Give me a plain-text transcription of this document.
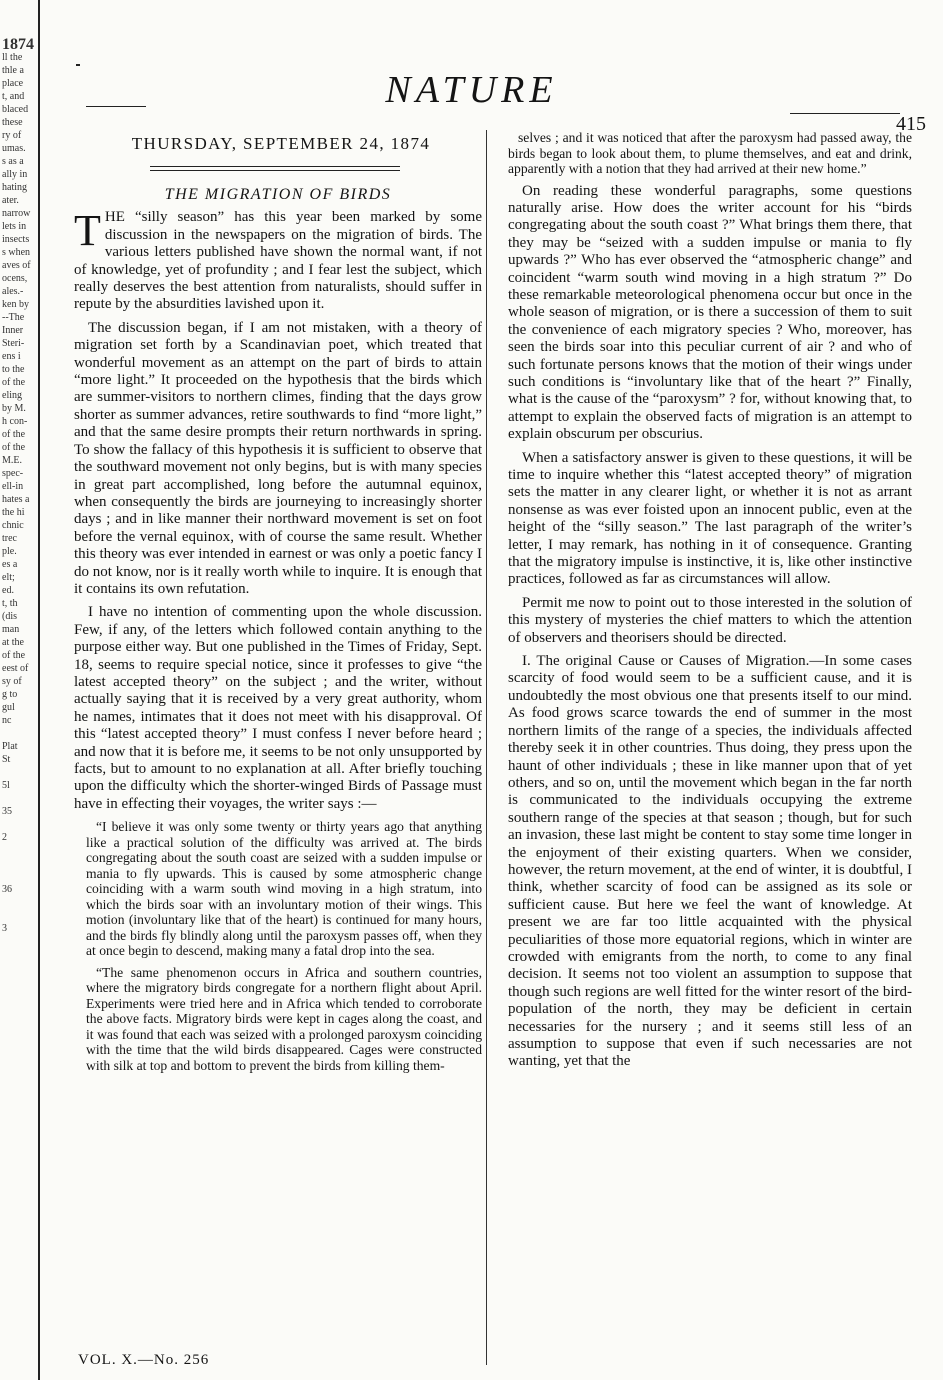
1874
ll the
thle a
place
t, and
blaced
these
ry of
umas.
s as a
ally in
hating
ater.
narrow
lets in
insects
s when
aves of
ocens,
ales.-
ken by
--The
Inner
Steri-
ens i
to the
of the
eling
by M.
h con-
of the
of the
M.E.
spec-
ell-in
hates a
the hi
chnic
trec
ple.
es a
elt;
ed.
t, th
(dis
man
at the
of the
eest of
sy of
g to
gul
nc

Plat
St

5l

35

2

36

3
NATURE
415
THURSDAY, SEPTEMBER 24, 1874
THE MIGRATION OF BIRDS

THE “silly season” has this year been marked by some discussion in the newspapers on the migration of birds. The various letters published have shown the normal want, if not of knowledge, yet of profundity ; and I fear lest the subject, which really deserves the best attention from naturalists, should suffer in repute by the absurdities lavished upon it.

The discussion began, if I am not mistaken, with a theory of migration set forth by a Scandinavian poet, which treated that wonderful movement as an attempt on the part of birds to attain “more light.” It proceeded on the hypothesis that the birds which are summer-visitors to northern climes, finding that the days grow shorter as summer advances, retire southwards to find “more light,” and that the same desire prompts their return northwards in spring. To show the fallacy of this hypothesis it is sufficient to observe that the southward movement not only begins, but is with many species in great part accomplished, long before the autumnal equinox, when consequently the birds are journeying to increasingly shorter days ; and in like manner their northward movement is set on foot before the vernal equinox, with of course the same result. Whether this theory was ever intended in earnest or was only a poetic fancy I do not know, nor is it really worth while to inquire. It is enough that it contains its own refutation.

I have no intention of commenting upon the whole discussion. Few, if any, of the letters which followed contain anything to the purpose either way. But one published in the Times of Friday, Sept. 18, seems to require special notice, since it professes to give “the latest accepted theory” on the subject ; and the writer, without actually saying that it is received by a very great authority, whom he names, intimates that it does not meet with his disapproval. Of this “latest accepted theory” I must confess I never before heard ; and now that it is before me, it seems to be not only unsupported by facts, but to amount to no explanation at all. After briefly touching upon the difficulty which the shorter-winged Birds of Passage must have in effecting their voyages, the writer says :—

“I believe it was only some twenty or thirty years ago that anything like a practical solution of the difficulty was arrived at. The birds congregating about the south coast are seized with a sudden impulse or mania to fly upwards. This is caused by some atmospheric change coinciding with a warm south wind moving in a high stratum, into which the birds soar with an involuntary motion of their wings. This motion (involuntary like that of the heart) is continued for many hours, and the birds fly blindly along until the paroxysm passes off, when they at once begin to descend, making many a fatal drop into the sea.

“The same phenomenon occurs in Africa and southern countries, where the migratory birds congregate for a northern flight about April. Experiments were tried here and in Africa which tended to corroborate the above facts. Migratory birds were kept in cages along the coast, and it was found that each was seized with a prolonged paroxysm coinciding with the time that the wild birds disappeared. Cages were constructed with silk at top and bottom to prevent the birds from killing them-

selves ; and it was noticed that after the paroxysm had passed away, the birds began to look about them, to plume themselves, and eat and drink, apparently with a notion that they had arrived at their new home.”

On reading these wonderful paragraphs, some questions naturally arise. How does the writer account for his “birds congregating about the south coast ?” What brings them there, that they may be “seized with a sudden impulse or mania to fly upwards ?” Who has ever observed the “atmospheric change” and coincident “warm south wind moving in a high stratum ?” Do these remarkable meteorological phenomena occur but once in the whole season of migration, or is there a succession of them to suit the convenience of each migratory species ? Who, moreover, has seen the birds soar into this peculiar current of air ? and who of such fortunate persons knows that the motion of their wings under such conditions is “involuntary like that of the heart ?” Finally, what is the cause of the “paroxysm” ? for, without knowing that, to attempt to explain the observed facts of migration is an attempt to explain obscurum per obscurius.

When a satisfactory answer is given to these questions, it will be time to inquire whether this “latest accepted theory” of migration sets the matter in any clearer light, or whether it is not as arrant nonsense as was ever foisted upon an innocent public, even at the height of the “silly season.” The last paragraph of the writer’s letter, I may remark, has nothing in it of consequence. Granting that the migratory impulse is instinctive, it is, like other instinctive practices, followed as far as circumstances will allow.

Permit me now to point out to those interested in the solution of this mystery of mysteries the chief matters to which the attention of observers and theorisers should be directed.

I. The original Cause or Causes of Migration.—In some cases scarcity of food would seem to be a sufficient cause, and it is undoubtedly the most obvious one that presents itself to our mind. As food grows scarce towards the end of summer in the most northern limits of the range of a species, the individuals affected thereby seek it in other countries. Thus doing, they press upon the haunt of other individuals ; these in like manner upon that of yet others, and so on, until the movement which began in the far north is communicated to the individuals occupying the extreme southern range of the species at that season ; though, but for such an invasion, these last might be content to stay some time longer in the enjoyment of their existing quarters. When we consider, however, the return movement, at the end of winter, it is doubtful, I think, whether scarcity of food can be assigned as its sole or sufficient cause. But here we feel the want of knowledge. At present we are far too little acquainted with the physical peculiarities of those more equatorial regions, which in winter are crowded with emigrants from the north, to come to any final decision. It seems not too violent an assumption to suppose that though such regions are well fitted for the winter resort of the bird-population of the north, they may be deficient in certain necessaries for the nursery ; and it seems still less of an assumption to suppose that even if such necessaries are not wanting, yet that the

VOL. X.—No. 256
